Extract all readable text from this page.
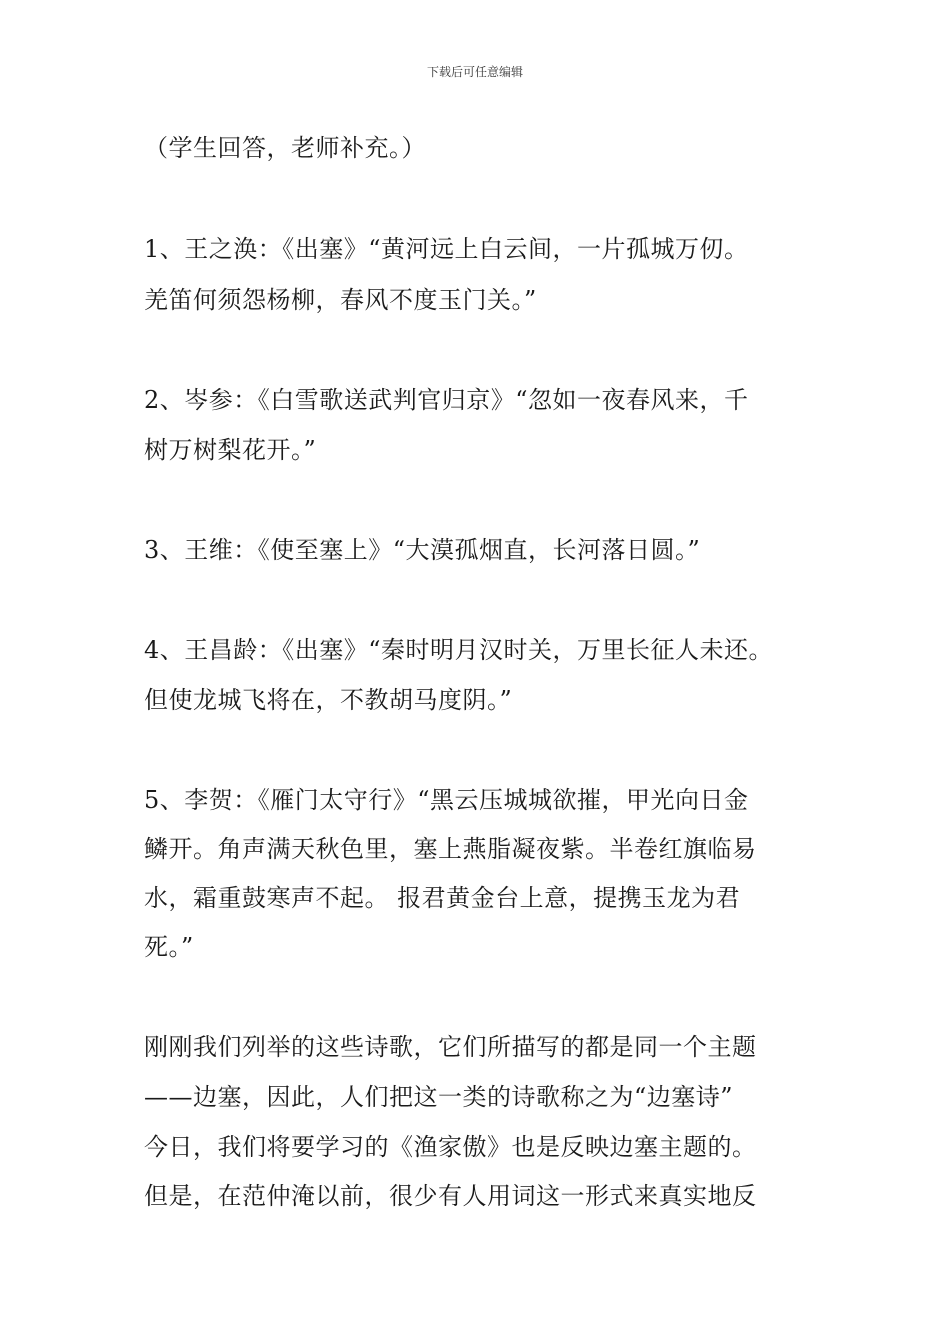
下载后可任意编辑
（学生回答，老师补充。）
1、王之涣：《出塞》“黄河远上白云间，一片孤城万仞。
羌笛何须怨杨柳，春风不度玉门关。”
2、岑参：《白雪歌送武判官归京》“忽如一夜春风来，千
树万树梨花开。”
3、王维：《使至塞上》“大漠孤烟直，长河落日圆。”
4、王昌龄：《出塞》“秦时明月汉时关，万里长征人未还。
但使龙城飞将在，不教胡马度阴。”
5、李贺：《雁门太守行》“黑云压城城欲摧，甲光向日金
鳞开。角声满天秋色里，塞上燕脂凝夜紫。半卷红旗临易
水，霜重鼓寒声不起。 报君黄金台上意，提携玉龙为君
死。”
刚刚我们列举的这些诗歌，它们所描写的都是同一个主题
——边塞，因此，人们把这一类的诗歌称之为“边塞诗”
今日，我们将要学习的《渔家傲》也是反映边塞主题的。
但是，在范仲淹以前，很少有人用词这一形式来真实地反
